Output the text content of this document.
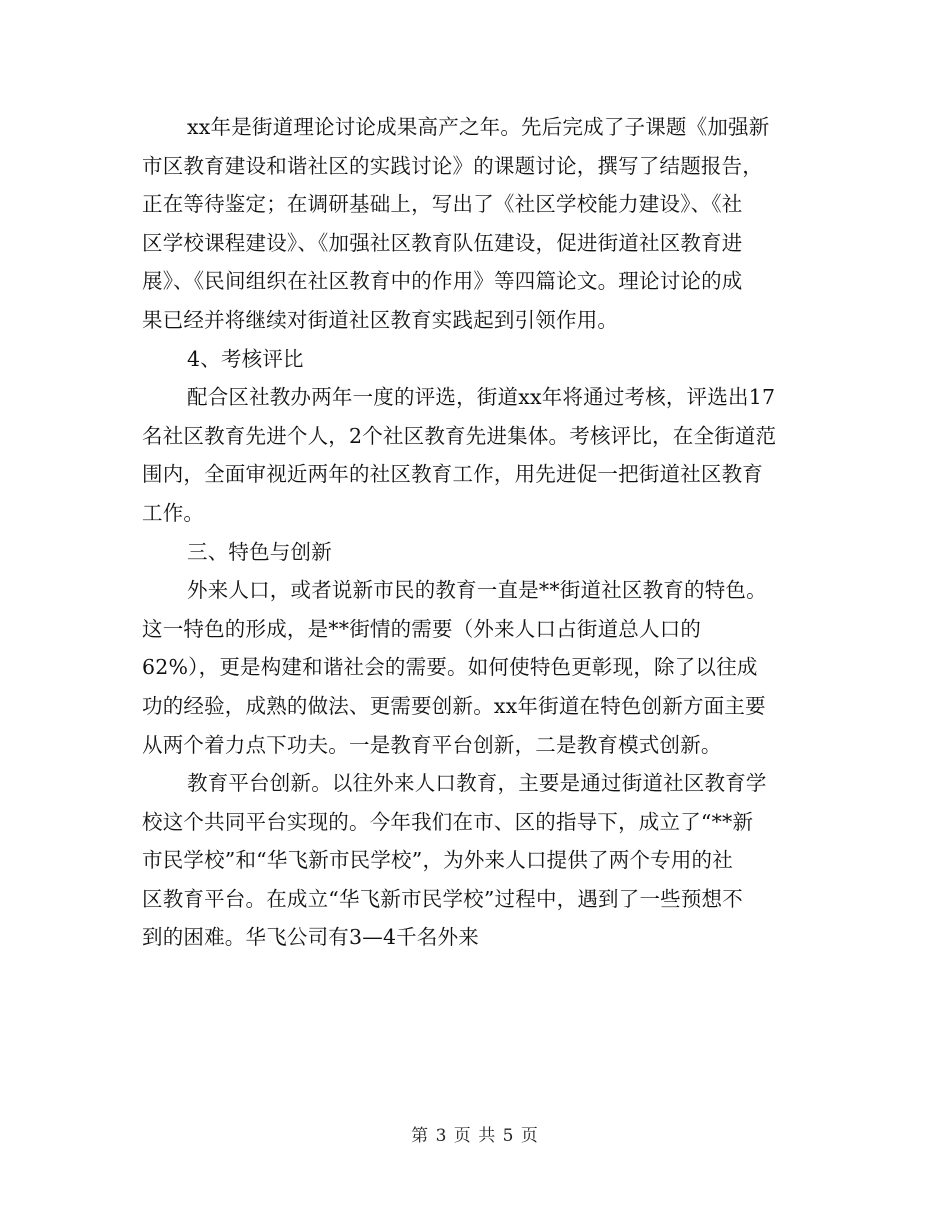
xx年是街道理论讨论成果高产之年。先后完成了子课题《加强新
市区教育建设和谐社区的实践讨论》的课题讨论，撰写了结题报告，
正在等待鉴定；在调研基础上，写出了《社区学校能力建设》、《社
区学校课程建设》、《加强社区教育队伍建设，促进街道社区教育进
展》、《民间组织在社区教育中的作用》等四篇论文。理论讨论的成
果已经并将继续对街道社区教育实践起到引领作用。
4、考核评比
配合区社教办两年一度的评选，街道xx年将通过考核，评选出17
名社区教育先进个人，2个社区教育先进集体。考核评比，在全街道范
围内，全面审视近两年的社区教育工作，用先进促一把街道社区教育
工作。
三、特色与创新
外来人口，或者说新市民的教育一直是**街道社区教育的特色。
这一特色的形成，是**街情的需要（外来人口占街道总人口的
62%），更是构建和谐社会的需要。如何使特色更彰现，除了以往成
功的经验，成熟的做法、更需要创新。xx年街道在特色创新方面主要
从两个着力点下功夫。一是教育平台创新，二是教育模式创新。
教育平台创新。以往外来人口教育，主要是通过街道社区教育学
校这个共同平台实现的。今年我们在市、区的指导下，成立了“**新
市民学校”和“华飞新市民学校”，为外来人口提供了两个专用的社
区教育平台。在成立“华飞新市民学校”过程中，遇到了一些预想不
到的困难。华飞公司有3—4千名外来
第 3 页 共 5 页
